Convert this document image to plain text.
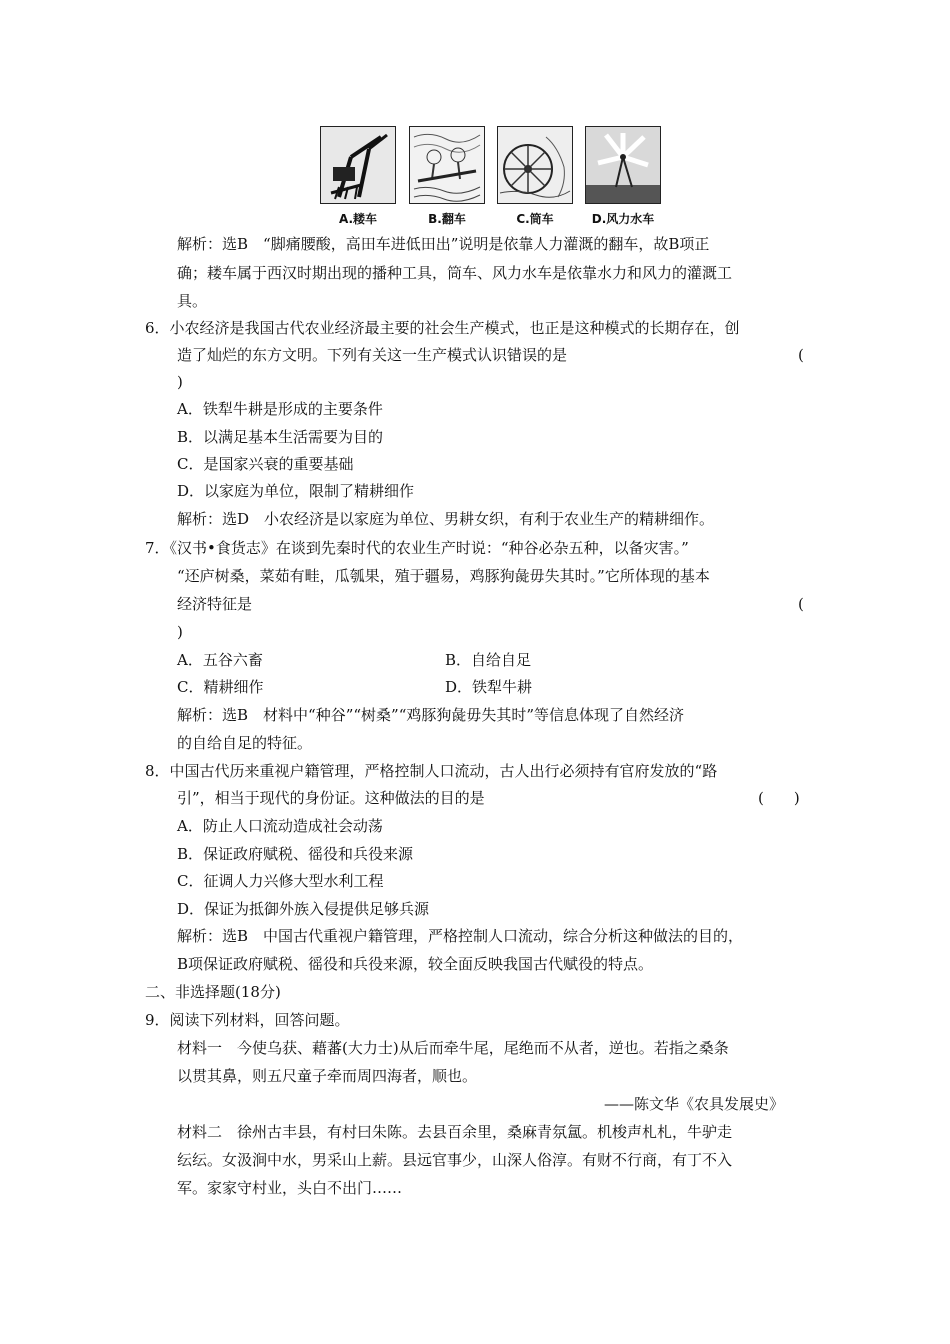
A.耧车	B.翻车	C.筒车	D.风力水车
解析：选B　“脚痛腰酸，高田车进低田出”说明是依靠人力灌溉的翻车，故B项正
确；耧车属于西汉时期出现的播种工具，筒车、风力水车是依靠水力和风力的灌溉工
具。
6．小农经济是我国古代农业经济最主要的社会生产模式，也正是这种模式的长期存在，创
造了灿烂的东方文明。下列有关这一生产模式认识错误的是	(
)
A．铁犁牛耕是形成的主要条件
B．以满足基本生活需要为目的
C．是国家兴衰的重要基础
D．以家庭为单位，限制了精耕细作
解析：选D　小农经济是以家庭为单位、男耕女织，有利于农业生产的精耕细作。
7．《汉书•食货志》在谈到先秦时代的农业生产时说：“种谷必杂五种，以备灾害。”
“还庐树桑，菜茹有畦，瓜瓠果，殖于疆易，鸡豚狗彘毋失其时。”它所体现的基本
经济特征是	(
)
A．五谷六畜	B．自给自足
C．精耕细作	D．铁犁牛耕
解析：选B　材料中“种谷”“树桑”“鸡豚狗彘毋失其时”等信息体现了自然经济
的自给自足的特征。
8．中国古代历来重视户籍管理，严格控制人口流动，古人出行必须持有官府发放的“路
引”，相当于现代的身份证。这种做法的目的是	(　　)
A．防止人口流动造成社会动荡
B．保证政府赋税、徭役和兵役来源
C．征调人力兴修大型水利工程
D．保证为抵御外族入侵提供足够兵源
解析：选B　中国古代重视户籍管理，严格控制人口流动，综合分析这种做法的目的，
B项保证政府赋税、徭役和兵役来源，较全面反映我国古代赋役的特点。
二、非选择题(18分)
9．阅读下列材料，回答问题。
材料一　今使乌获、藉蕃(大力士)从后而牵牛尾，尾绝而不从者，逆也。若指之桑条
以贯其鼻，则五尺童子牵而周四海者，顺也。
——陈文华《农具发展史》
材料二　徐州古丰县，有村曰朱陈。去县百余里，桑麻青氛氲。机梭声札札，牛驴走
纭纭。女汲涧中水，男采山上薪。县远官事少，山深人俗淳。有财不行商，有丁不入
军。家家守村业，头白不出门……
